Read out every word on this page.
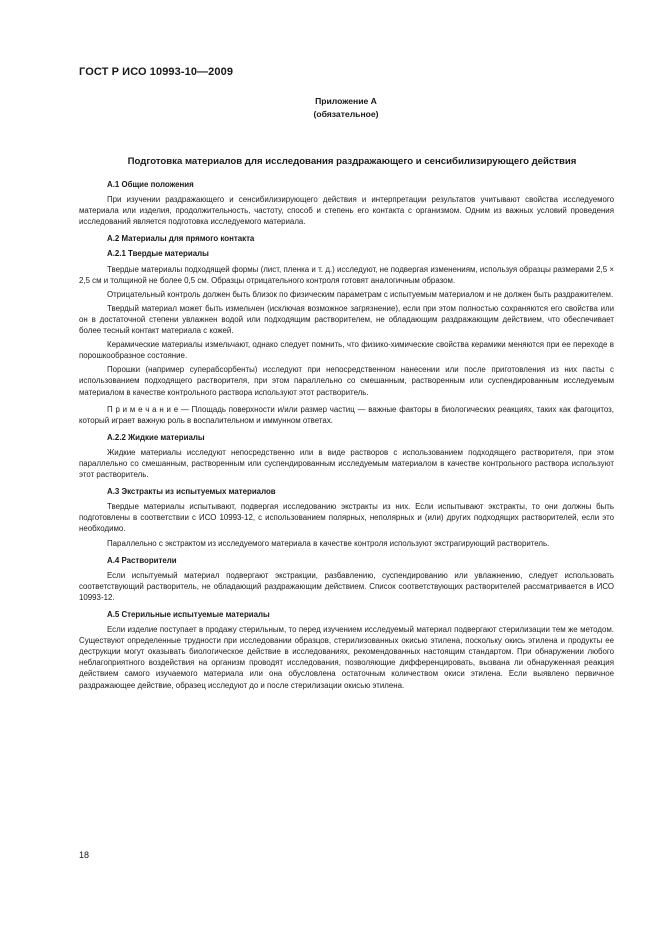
ГОСТ Р ИСО 10993-10—2009
Приложение А
(обязательное)
Подготовка материалов для исследования раздражающего и сенсибилизирующего действия
А.1 Общие положения
При изучении раздражающего и сенсибилизирующего действия и интерпретации результатов учитывают свойства исследуемого материала или изделия, продолжительность, частоту, способ и степень его контакта с организмом. Одним из важных условий проведения исследований является подготовка исследуемого материала.
А.2 Материалы для прямого контакта
А.2.1 Твердые материалы
Твердые материалы подходящей формы (лист, пленка и т. д.) исследуют, не подвергая изменениям, используя образцы размерами 2,5 × 2,5 см и толщиной не более 0,5 см. Образцы отрицательного контроля готовят аналогичным образом.
Отрицательный контроль должен быть близок по физическим параметрам с испытуемым материалом и не должен быть раздражителем.
Твердый материал может быть измельчен (исключая возможное загрязнение), если при этом полностью сохраняются его свойства или он в достаточной степени увлажнен водой или подходящим растворителем, не обладающим раздражающим действием, что обеспечивает более тесный контакт материала с кожей.
Керамические материалы измельчают, однако следует помнить, что физико-химические свойства керамики меняются при ее переходе в порошкообразное состояние.
Порошки (например суперабсорбенты) исследуют при непосредственном нанесении или после приготовления из них пасты с использованием подходящего растворителя, при этом параллельно со смешанным, растворенным или суспендированным исследуемым материалом в качестве контрольного раствора используют этот растворитель.
П р и м е ч а н и е — Площадь поверхности и/или размер частиц — важные факторы в биологических реакциях, таких как фагоцитоз, который играет важную роль в воспалительном и иммунном ответах.
А.2.2 Жидкие материалы
Жидкие материалы исследуют непосредственно или в виде растворов с использованием подходящего растворителя, при этом параллельно со смешанным, растворенным или суспендированным исследуемым материалом в качестве контрольного раствора используют этот растворитель.
А.3 Экстракты из испытуемых материалов
Твердые материалы испытывают, подвергая исследованию экстракты из них. Если испытывают экстракты, то они должны быть подготовлены в соответствии с ИСО 10993-12, с использованием полярных, неполярных и (или) других подходящих растворителей, если это необходимо.
Параллельно с экстрактом из исследуемого материала в качестве контроля используют экстрагирующий растворитель.
А.4 Растворители
Если испытуемый материал подвергают экстракции, разбавлению, суспендированию или увлажнению, следует использовать соответствующий растворитель, не обладающий раздражающим действием. Список соответствующих растворителей рассматривается в ИСО 10993-12.
А.5 Стерильные испытуемые материалы
Если изделие поступает в продажу стерильным, то перед изучением исследуемый материал подвергают стерилизации тем же методом. Существуют определенные трудности при исследовании образцов, стерилизованных окисью этилена, поскольку окись этилена и продукты ее деструкции могут оказывать биологическое действие в исследованиях, рекомендованных настоящим стандартом. При обнаружении любого неблагоприятного воздействия на организм проводят исследования, позволяющие дифференцировать, вызвана ли обнаруженная реакция действием самого изучаемого материала или она обусловлена остаточным количеством окиси этилена. Если выявлено первичное раздражающее действие, образец исследуют до и после стерилизации окисью этилена.
18
